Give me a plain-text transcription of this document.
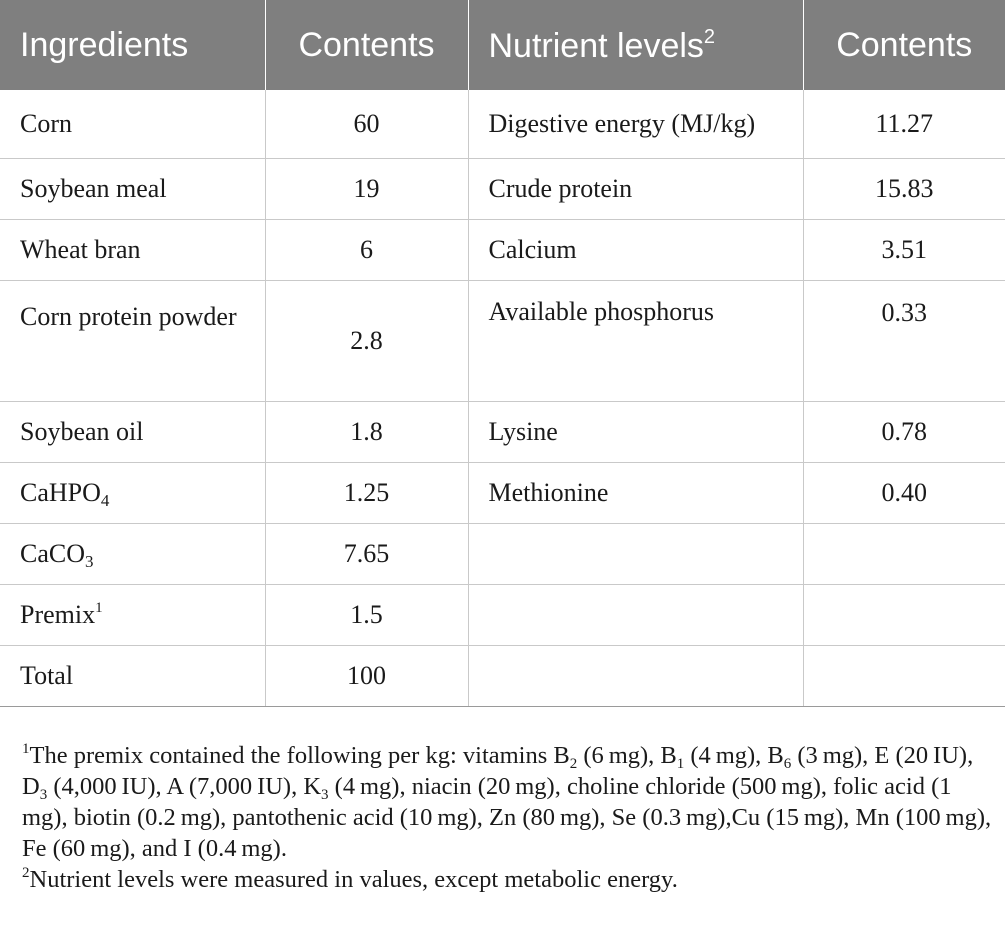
Ingredients	Contents	Nutrient levels$^2$	Contents
Corn	60	Digestive energy (MJ/kg)	11.27
Soybean meal	19	Crude protein	15.83
Wheat bran	6	Calcium	3.51
Corn protein powder	2.8	Available phosphorus	0.33
Soybean oil	1.8	Lysine	0.78
CaHPO$_4$	1.25	Methionine	0.40
CaCO$_3$	7.65		
Premix$^1$	1.5		
Total	100		

$^1$The premix contained the following per kg: vitamins $B_2$ (6 mg), $B_1$ (4 mg), $B_6$ (3 mg), E (20 IU), $D_3$ (4,000 IU), A (7,000 IU), $K_3$ (4 mg), niacin (20 mg), choline chloride (500 mg), folic acid (1 mg), biotin (0.2 mg), pantothenic acid (10 mg), Zn (80 mg), Se (0.3 mg),Cu (15 mg), Mn (100 mg), Fe (60 mg), and I (0.4 mg).

$^2$Nutrient levels were measured in values, except metabolic energy.
